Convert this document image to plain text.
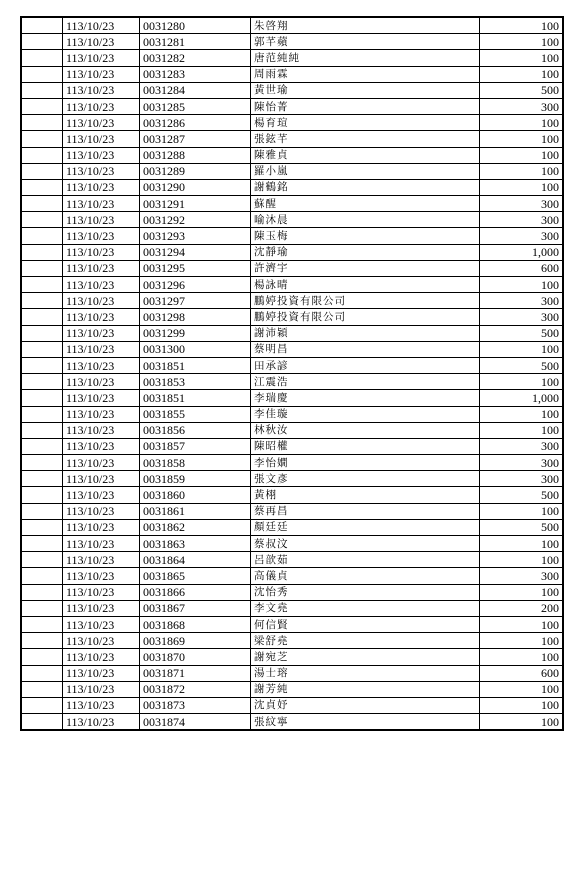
	113/10/23	0031280	朱啓翔	100
	113/10/23	0031281	郭芊蘋	100
	113/10/23	0031282	唐范純純	100
	113/10/23	0031283	周雨霖	100
	113/10/23	0031284	黃世瑜	500
	113/10/23	0031285	陳怡菁	300
	113/10/23	0031286	楊育瑄	100
	113/10/23	0031287	張鉉芊	100
	113/10/23	0031288	陳雅貞	100
	113/10/23	0031289	羅小嵐	100
	113/10/23	0031290	謝鶴銘	100
	113/10/23	0031291	蘇醒	300
	113/10/23	0031292	喻沐晨	300
	113/10/23	0031293	陳玉梅	300
	113/10/23	0031294	沈靜瑜	1,000
	113/10/23	0031295	許濟宇	600
	113/10/23	0031296	楊詠晴	100
	113/10/23	0031297	鵬婷投資有限公司	300
	113/10/23	0031298	鵬婷投資有限公司	300
	113/10/23	0031299	謝沛穎	500
	113/10/23	0031300	蔡明昌	100
	113/10/23	0031851	田承諺	500
	113/10/23	0031853	江震浩	100
	113/10/23	0031851	李瑞慶	1,000
	113/10/23	0031855	李佳璇	100
	113/10/23	0031856	林秋汝	100
	113/10/23	0031857	陳昭權	300
	113/10/23	0031858	李怡嫺	300
	113/10/23	0031859	張文彥	300
	113/10/23	0031860	黃栩	500
	113/10/23	0031861	蔡再昌	100
	113/10/23	0031862	顏廷廷	500
	113/10/23	0031863	蔡叔汶	100
	113/10/23	0031864	呂歆茹	100
	113/10/23	0031865	高儀貞	300
	113/10/23	0031866	沈怡秀	100
	113/10/23	0031867	李文堯	200
	113/10/23	0031868	何信賢	100
	113/10/23	0031869	梁舒堯	100
	113/10/23	0031870	謝宛芝	100
	113/10/23	0031871	湯士瑢	600
	113/10/23	0031872	謝芳純	100
	113/10/23	0031873	沈貞妤	100
	113/10/23	0031874	張紋寧	100
